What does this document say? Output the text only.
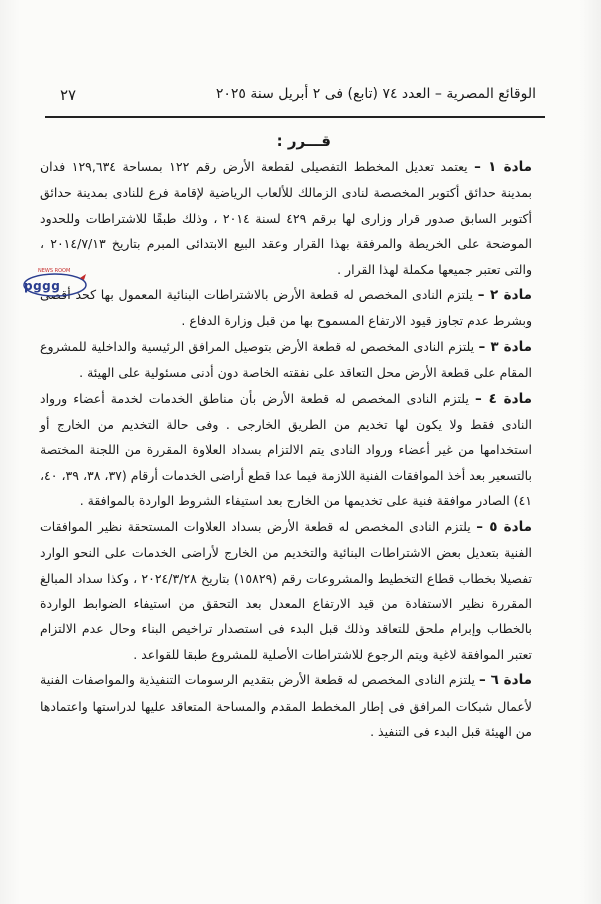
الوقائع المصرية – العدد ٧٤ (تابع) فى ٢ أبريل سنة ٢٠٢٥
٢٧
قـــرر :

مادة ١ – يعتمد تعديل المخطط التفصيلى لقطعة الأرض رقم ١٢٢ بمساحة ١٢٩,٦٣٤ فدان بمدينة حدائق أكتوبر المخصصة لنادى الزمالك للألعاب الرياضية لإقامة فرع للنادى بمدينة حدائق أكتوبر السابق صدور قرار وزارى لها برقم ٤٢٩ لسنة ٢٠١٤ ، وذلك طبقًا للاشتراطات وللحدود الموضحة على الخريطة والمرفقة بهذا القرار وعقد البيع الابتدائى المبرم بتاريخ ٢٠١٤/٧/١٣ ، والتى تعتبر جميعها مكملة لهذا القرار .

مادة ٢ – يلتزم النادى المخصص له قطعة الأرض بالاشتراطات البنائية المعمول بها كحد أقصى وبشرط عدم تجاوز قيود الارتفاع المسموح بها من قبل وزارة الدفاع .

مادة ٣ – يلتزم النادى المخصص له قطعة الأرض بتوصيل المرافق الرئيسية والداخلية للمشروع المقام على قطعة الأرض محل التعاقد على نفقته الخاصة دون أدنى مسئولية على الهيئة .

مادة ٤ – يلتزم النادى المخصص له قطعة الأرض بأن مناطق الخدمات لخدمة أعضاء ورواد النادى فقط ولا يكون لها تخديم من الطريق الخارجى . وفى حالة التخديم من الخارج أو استخدامها من غير أعضاء ورواد النادى يتم الالتزام بسداد العلاوة المقررة من اللجنة المختصة بالتسعير بعد أخذ الموافقات الفنية اللازمة فيما عدا قطع أراضى الخدمات أرقام (٣٧، ٣٨، ٣٩، ٤٠، ٤١) الصادر موافقة فنية على تخديمها من الخارج بعد استيفاء الشروط الواردة بالموافقة .

مادة ٥ – يلتزم النادى المخصص له قطعة الأرض بسداد العلاوات المستحقة نظير الموافقات الفنية بتعديل بعض الاشتراطات البنائية والتخديم من الخارج لأراضى الخدمات على النحو الوارد تفصيلا بخطاب قطاع التخطيط والمشروعات رقم (١٥٨٢٩) بتاريخ ٢٠٢٤/٣/٢٨ ، وكذا سداد المبالغ المقررة نظير الاستفادة من قيد الارتفاع المعدل بعد التحقق من استيفاء الضوابط الواردة بالخطاب وإبرام ملحق للتعاقد وذلك قبل البدء فى استصدار تراخيص البناء وحال عدم الالتزام تعتبر الموافقة لاغية ويتم الرجوع للاشتراطات الأصلية للمشروع طبقا للقواعد .

مادة ٦ – يلتزم النادى المخصص له قطعة الأرض بتقديم الرسومات التنفيذية والمواصفات الفنية لأعمال شبكات المرافق فى إطار المخطط المقدم والمساحة المتعاقد عليها لدراستها واعتمادها من الهيئة قبل البدء فى التنفيذ .

NEWS ROOM
pggg
